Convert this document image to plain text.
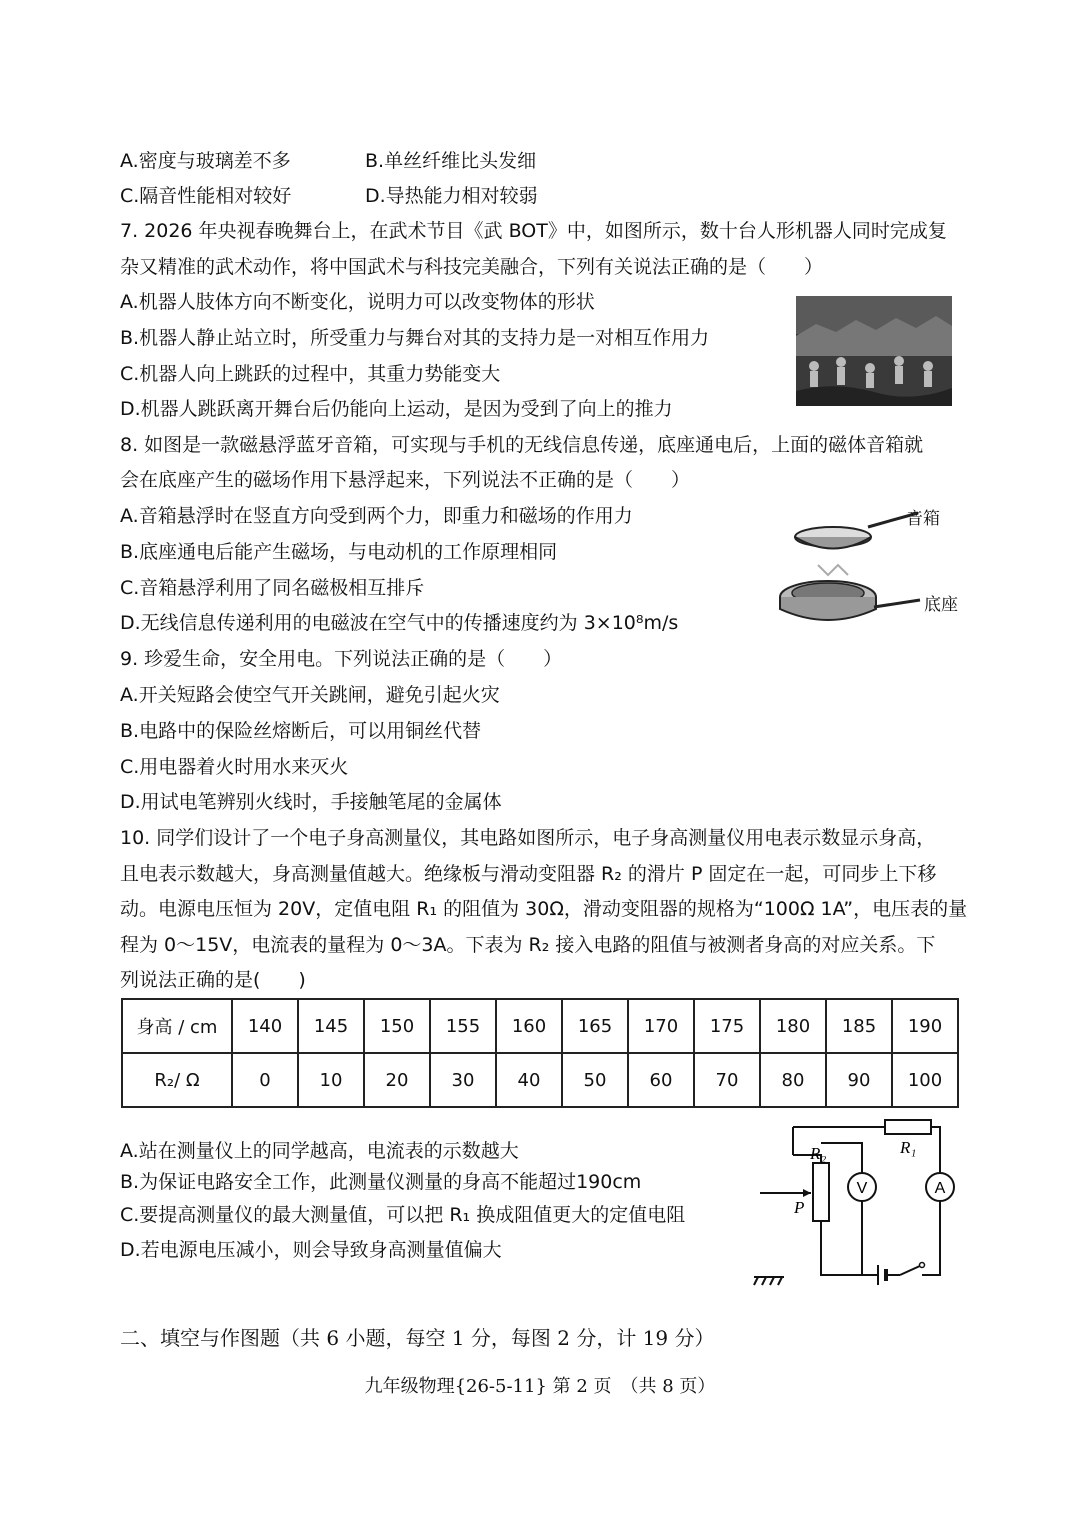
A.密度与玻璃差不多	B.单丝纤维比头发细
C.隔音性能相对较好	D.导热能力相对较弱
7. 2026 年央视春晚舞台上，在武术节目《武 BOT》中，如图所示，数十台人形机器人同时完成复
杂又精准的武术动作，将中国武术与科技完美融合，下列有关说法正确的是（　　）
A.机器人肢体方向不断变化，说明力可以改变物体的形状
B.机器人静止站立时，所受重力与舞台对其的支持力是一对相互作用力
C.机器人向上跳跃的过程中，其重力势能变大
D.机器人跳跃离开舞台后仍能向上运动，是因为受到了向上的推力
8. 如图是一款磁悬浮蓝牙音箱，可实现与手机的无线信息传递，底座通电后，上面的磁体音箱就
会在底座产生的磁场作用下悬浮起来，下列说法不正确的是（　　）
A.音箱悬浮时在竖直方向受到两个力，即重力和磁场的作用力
B.底座通电后能产生磁场，与电动机的工作原理相同
C.音箱悬浮利用了同名磁极相互排斥
D.无线信息传递利用的电磁波在空气中的传播速度约为 3×10⁸m/s
音箱
底座
9. 珍爱生命，安全用电。下列说法正确的是（　　）
A.开关短路会使空气开关跳闸，避免引起火灾
B.电路中的保险丝熔断后，可以用铜丝代替
C.用电器着火时用水来灭火
D.用试电笔辨别火线时，手接触笔尾的金属体
10. 同学们设计了一个电子身高测量仪，其电路如图所示，电子身高测量仪用电表示数显示身高，
且电表示数越大，身高测量值越大。绝缘板与滑动变阻器 R₂ 的滑片 P 固定在一起，可同步上下移
动。电源电压恒为 20V，定值电阻 R₁ 的阻值为 30Ω，滑动变阻器的规格为“100Ω 1A”，电压表的量
程为 0～15V，电流表的量程为 0～3A。下表为 R₂ 接入电路的阻值与被测者身高的对应关系。下
列说法正确的是(　　)
身高 / cm	140	145	150	155	160	165	170	175	180	185	190
R₂/ Ω	0	10	20	30	40	50	60	70	80	90	100
A.站在测量仪上的同学越高，电流表的示数越大
B.为保证电路安全工作，此测量仪测量的身高不能超过190cm
C.要提高测量仪的最大测量值，可以把 R₁ 换成阻值更大的定值电阻
D.若电源电压减小，则会导致身高测量值偏大
V	A
R₁
R₂
P
二、填空与作图题（共 6 小题，每空 1 分，每图 2 分，计 19 分）
九年级物理{26-5-11} 第 2 页　（共 8 页）
